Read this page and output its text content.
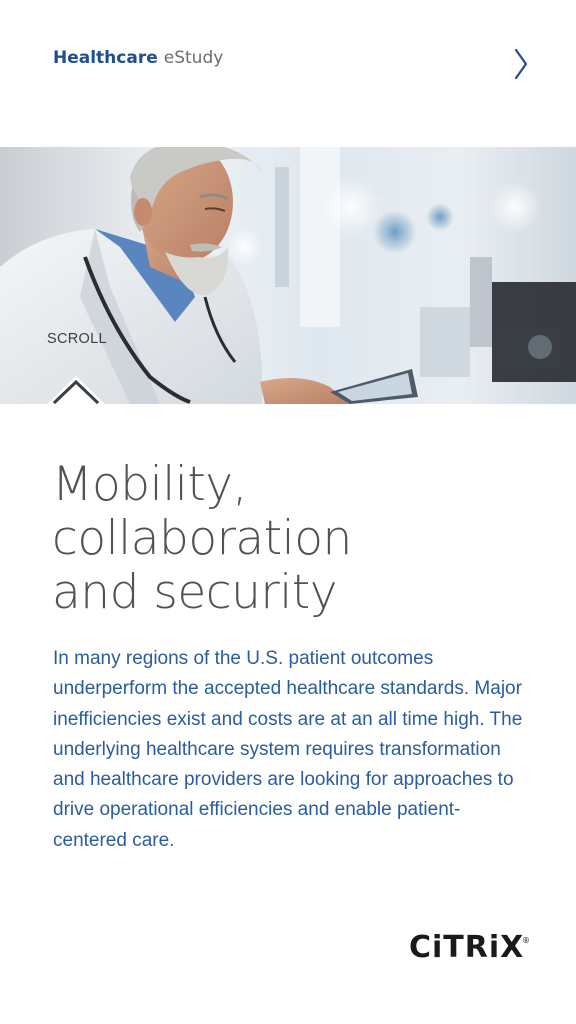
Healthcare eStudy
SCROLL
Mobility,
collaboration
and security

In many regions of the U.S. patient outcomes underperform the accepted healthcare standards. Major inefficiencies exist and costs are at an all time high. The underlying healthcare system requires transformation and healthcare providers are looking for approaches to drive operational efficiencies and enable patient-centered care.

CiTRiX
®
